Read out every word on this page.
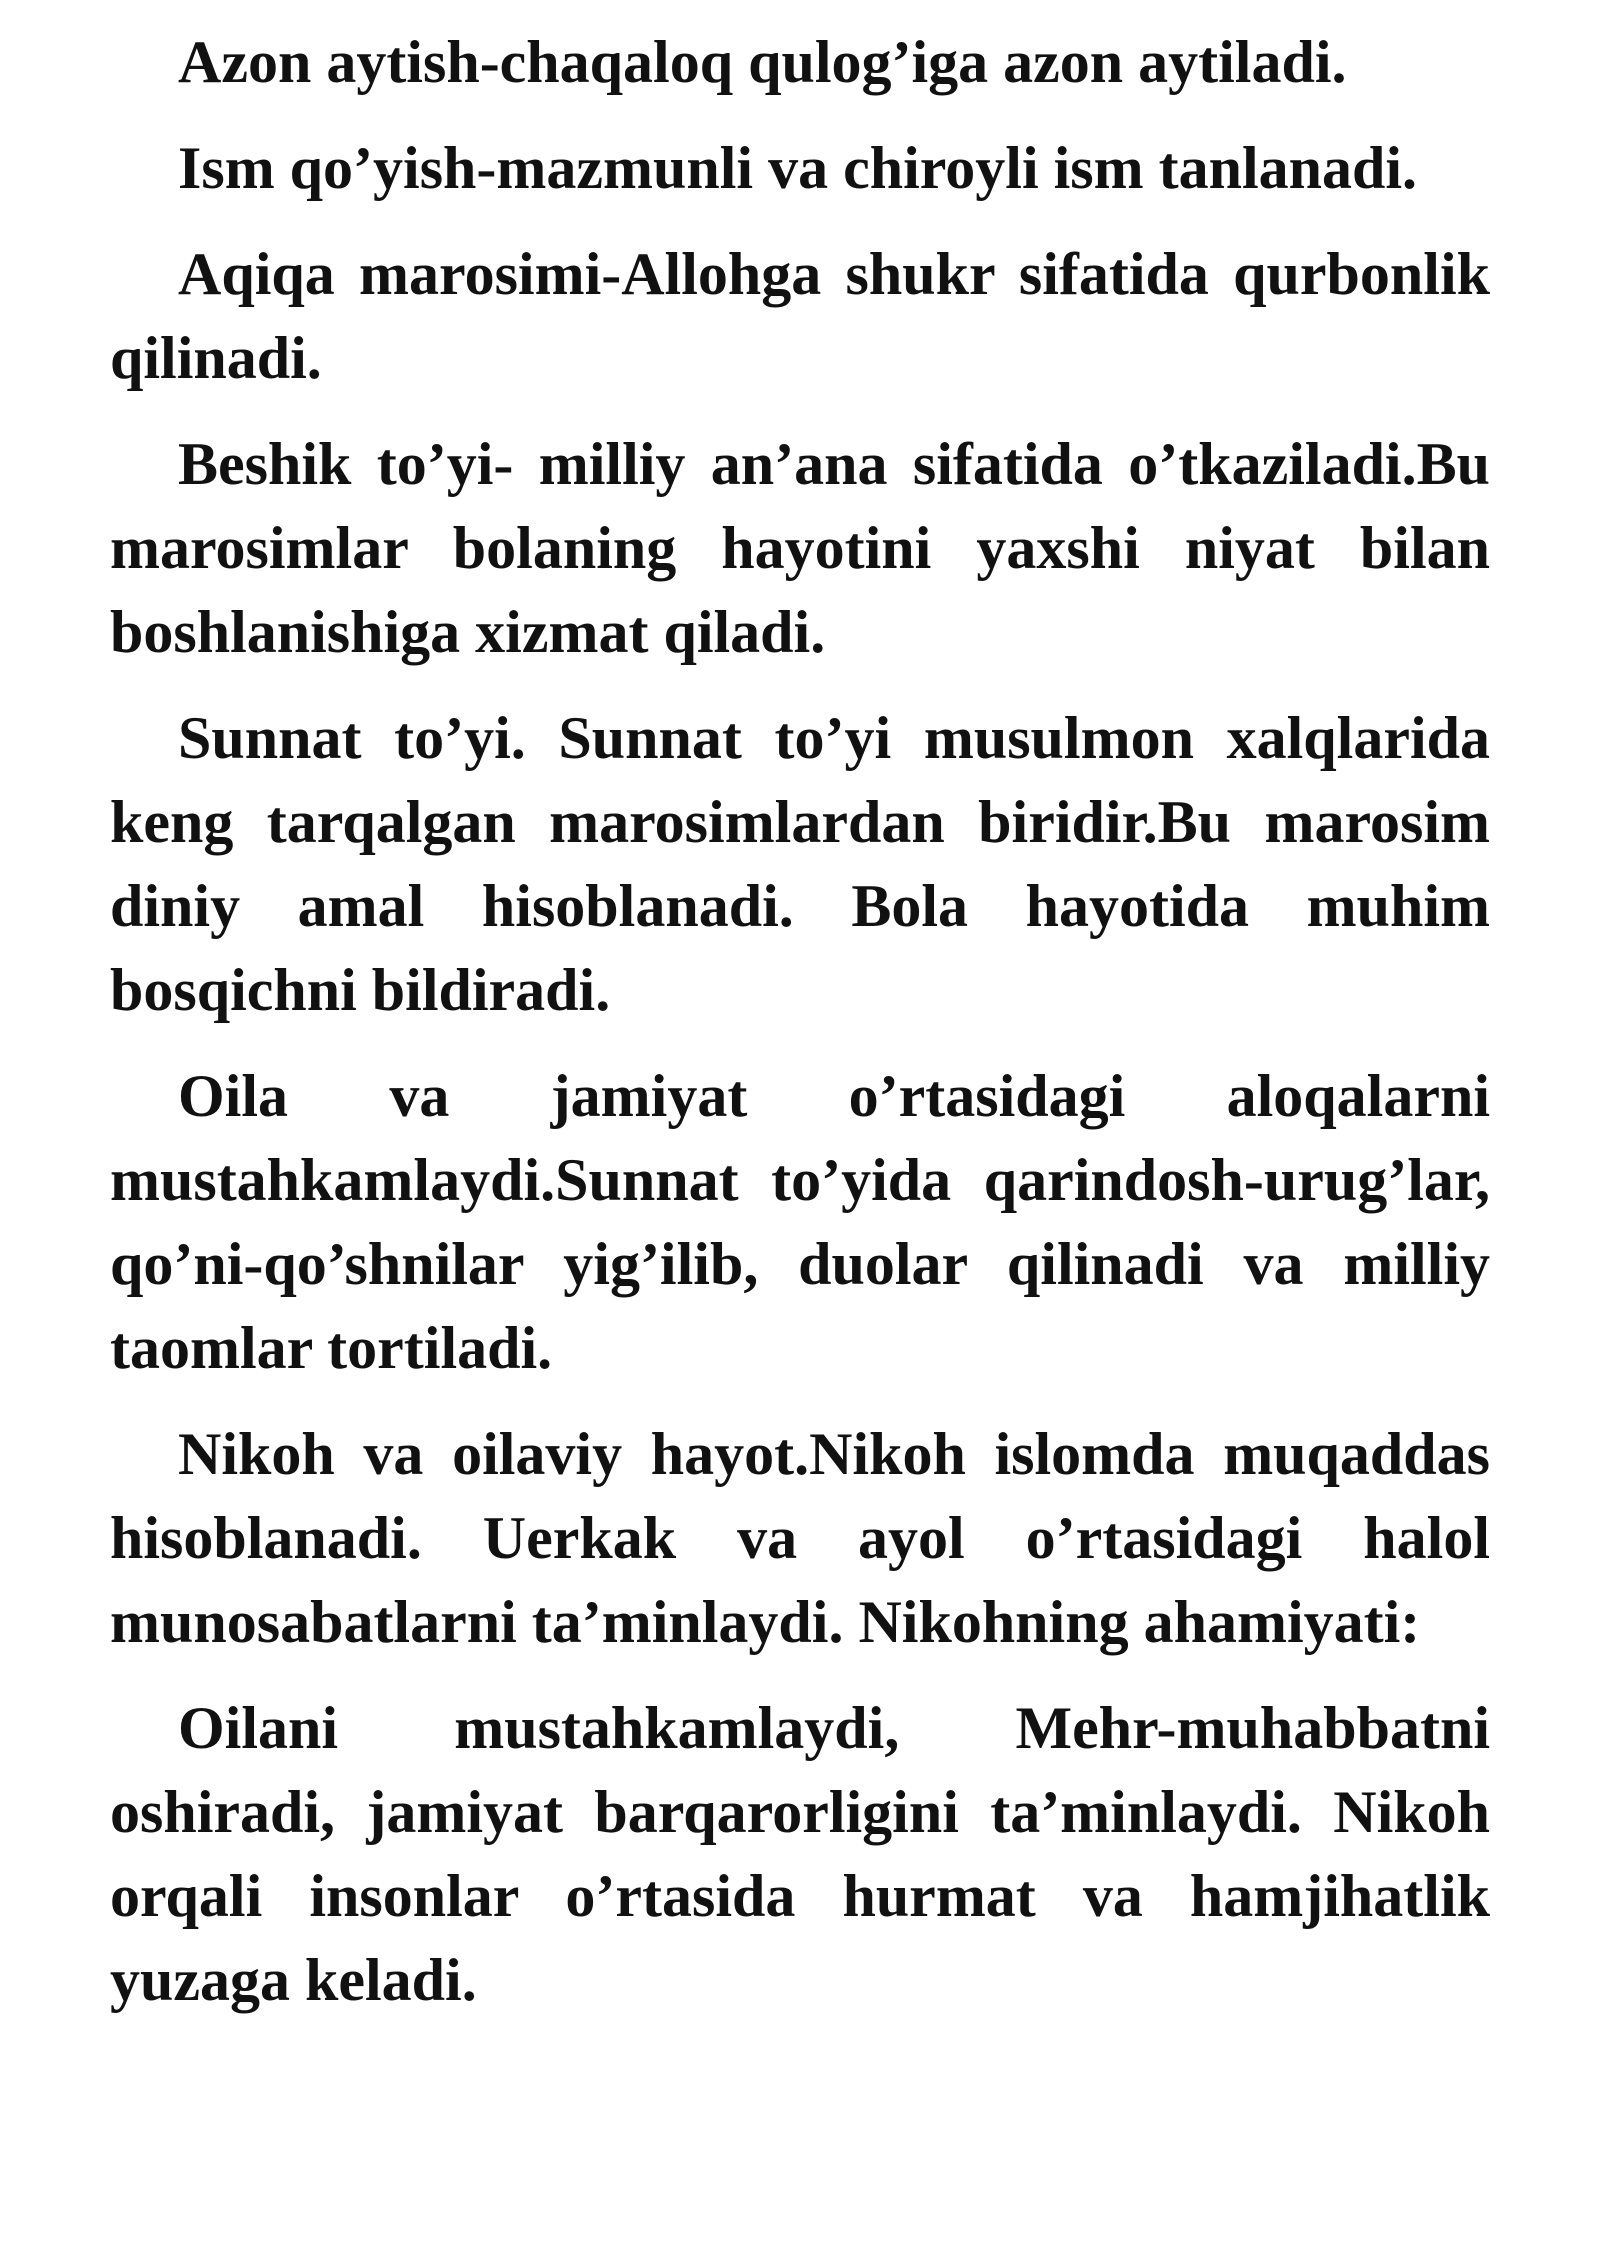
Azon aytish-chaqaloq qulog’iga azon aytiladi.

Ism qo’yish-mazmunli va chiroyli ism tanlanadi.

Aqiqa marosimi-Allohga shukr sifatida qurbonlik qilinadi.

Beshik to’yi- milliy an’ana sifatida o’tkaziladi.Bu marosimlar bolaning hayotini yaxshi niyat bilan boshlanishiga xizmat qiladi.

Sunnat to’yi. Sunnat to’yi musulmon xalqlarida keng tarqalgan marosimlardan biridir.Bu marosim diniy amal hisoblanadi. Bola hayotida muhim bosqichni bildiradi.

Oila va jamiyat o’rtasidagi aloqalarni mustahkamlaydi.Sunnat to’yida qarindosh-urug’lar, qo’ni-qo’shnilar yig’ilib, duolar qilinadi va milliy taomlar tortiladi.

Nikoh va oilaviy hayot.Nikoh islomda muqaddas hisoblanadi. Uerkak va ayol o’rtasidagi halol munosabatlarni ta’minlaydi. Nikohning ahamiyati:

Oilani mustahkamlaydi, Mehr-muhabbatni oshiradi, jamiyat barqarorligini ta’minlaydi. Nikoh orqali insonlar o’rtasida hurmat va hamjihatlik yuzaga keladi.
